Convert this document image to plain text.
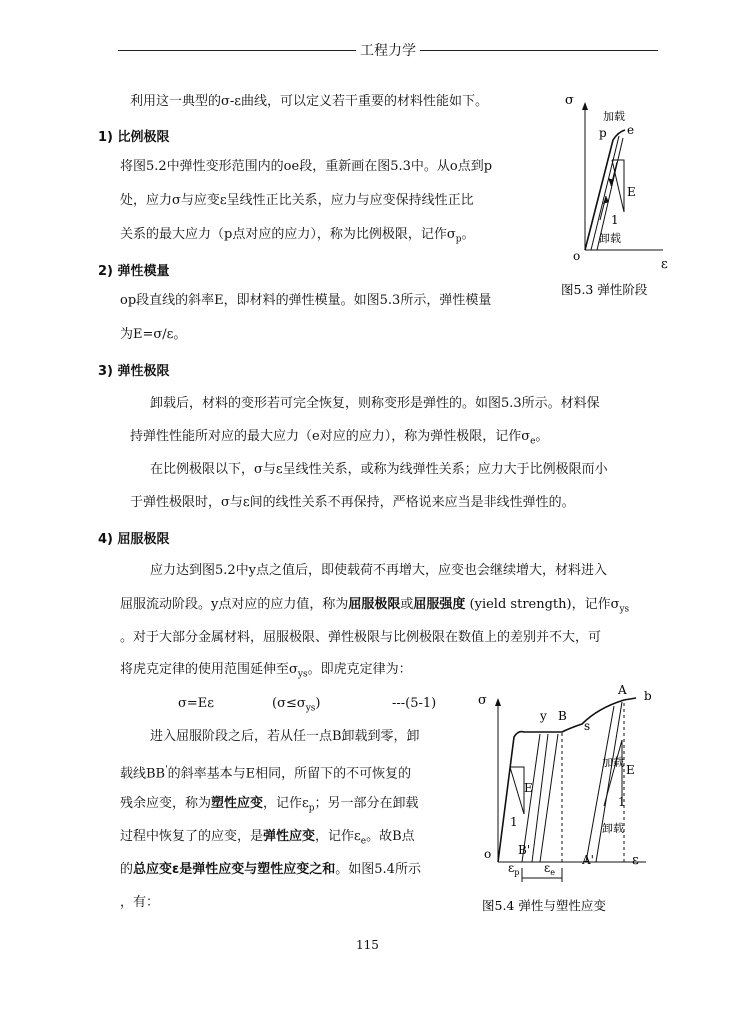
工程力学
利用这一典型的σ-ε曲线，可以定义若干重要的材料性能如下。
1) 比例极限
将图5.2中弹性变形范围内的oe段，重新画在图5.3中。从o点到p
处，应力σ与应变ε呈线性正比关系，应力与应变保持线性正比
关系的最大应力（p点对应的应力），称为比例极限，记作$\sigma_p$。
2) 弹性模量
op段直线的斜率E，即材料的弹性模量。如图5.3所示，弹性模量
为E=σ/ε。
σ
ε
o
p e
加载
卸载
E
1
图5.3 弹性阶段
3) 弹性极限
卸载后，材料的变形若可完全恢复，则称变形是弹性的。如图5.3所示。材料保
持弹性性能所对应的最大应力（e对应的应力），称为弹性极限，记作$\sigma_e$。
在比例极限以下，σ与ε呈线性关系，或称为线弹性关系；应力大于比例极限而小
于弹性极限时，σ与ε间的线性关系不再保持，严格说来应当是非线性弹性的。
4) 屈服极限
应力达到图5.2中y点之值后，即使载荷不再增大，应变也会继续增大，材料进入
屈服流动阶段。y点对应的应力值，称为屈服极限或屈服强度 (yield strength)，记作$\sigma_{ys}$
。对于大部分金属材料，屈服极限、弹性极限与比例极限在数值上的差别并不大，可
将虎克定律的使用范围延伸至$\sigma_{ys}$。即虎克定律为：
σ=Eε	$(\sigma\le\sigma_{ys})$	---(5-1)
进入屈服阶段之后，若从任一点B卸载到零，卸
载线BB'的斜率基本与E相同，所留下的不可恢复的
残余应变，称为塑性应变，记作$\varepsilon_p$；另一部分在卸载
过程中恢复了的应变，是弹性应变，记作$\varepsilon_e$。故B点
的总应变ε是弹性应变与塑性应变之和。如图5.4所示
，有：
σ
ε
o
y B
s
A b
B'
A'
加载
卸载
E
1
E
1
$\varepsilon_p$ $\varepsilon_e$
图5.4 弹性与塑性应变
115
